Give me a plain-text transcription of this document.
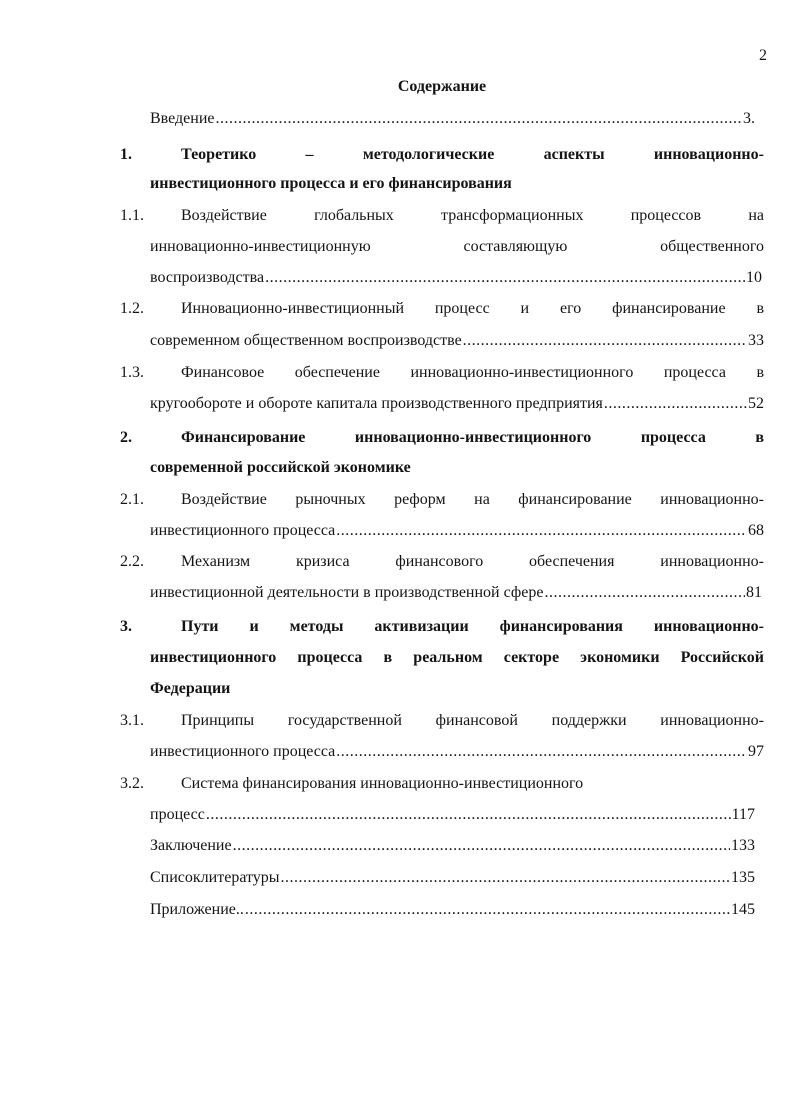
2
Содержание
Введение .....	3.
1.	Теоретико	–	методологические	аспекты	инновационно-
инвестиционного процесса и его финансирования
1.1. Воздействие	глобальных	трансформационных	процессов	на
инновационно-инвестиционную	составляющую	общественного
воспроизводства .....	10
1.2. Инновационно-инвестиционный процесс и его финансирование в
современном общественном воспроизводстве .....	33
1.3. Финансовое обеспечение инновационно-инвестиционного процесса в
кругообороте и обороте капитала производственного предприятия .....	52
2.	Финансирование	инновационно-инвестиционного	процесса	в
современной российской экономике
2.1. Воздействие рыночных реформ на финансирование инновационно-
инвестиционного процесса .....	68
2.2. Механизм	кризиса	финансового	обеспечения	инновационно-
инвестиционной деятельности в производственной сфере .....	81
3.	Пути и методы активизации финансирования инновационно-
инвестиционного процесса в реальном секторе экономики Российской
Федерации
3.1. Принципы государственной финансовой поддержки инновационно-
инвестиционного процесса .....	97
3.2. Система финансирования инновационно-инвестиционного
процесс .....	117
Заключение .....	133
Списоклитературы .....	135
Приложение.. .....	145
